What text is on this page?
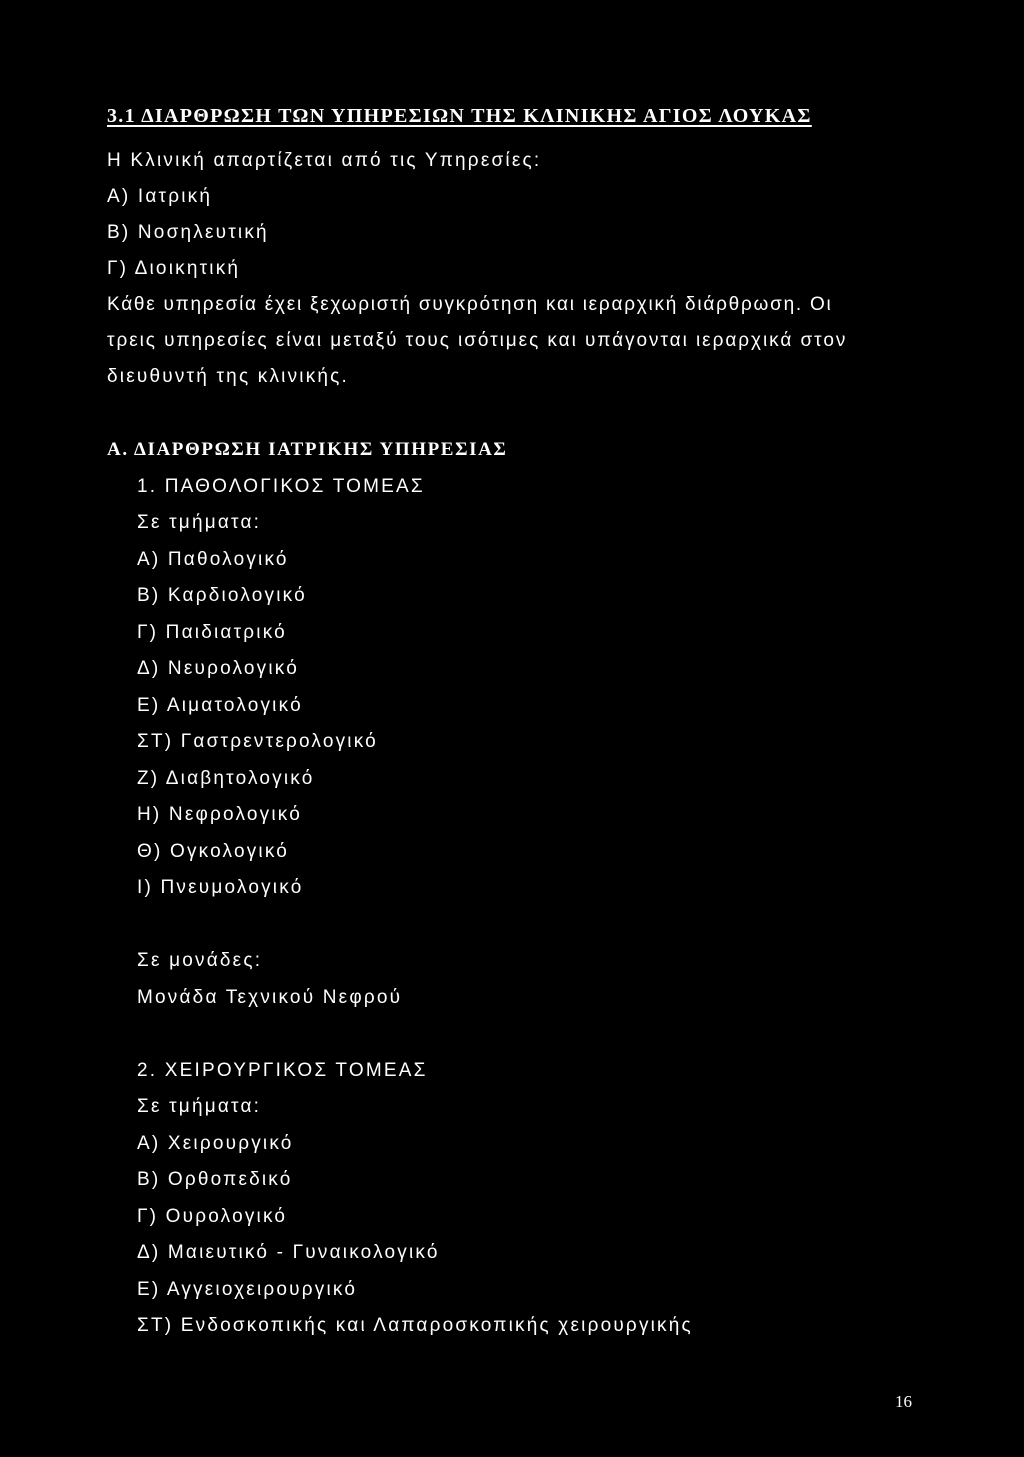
3.1 ΔΙΑΡΘΡΩΣΗ ΤΩΝ ΥΠΗΡΕΣΙΩΝ ΤΗΣ ΚΛΙΝΙΚΗΣ ΑΓΙΟΣ ΛΟΥΚΑΣ
Η Κλινική απαρτίζεται από τις Υπηρεσίες:
Α) Ιατρική
Β) Νοσηλευτική
Γ) Διοικητική
Κάθε υπηρεσία έχει ξεχωριστή συγκρότηση και ιεραρχική διάρθρωση. Οι
τρεις υπηρεσίες είναι μεταξύ τους ισότιμες και υπάγονται ιεραρχικά στον
διευθυντή της κλινικής.
Α. ΔΙΑΡΘΡΩΣΗ ΙΑΤΡΙΚΗΣ ΥΠΗΡΕΣΙΑΣ
1. ΠΑΘΟΛΟΓΙΚΟΣ ΤΟΜΕΑΣ
Σε τμήματα:
Α) Παθολογικό
Β) Καρδιολογικό
Γ) Παιδιατρικό
Δ) Νευρολογικό
Ε) Αιματολογικό
ΣΤ) Γαστρεντερολογικό
Ζ) Διαβητολογικό
Η) Νεφρολογικό
Θ) Ογκολογικό
Ι) Πνευμολογικό
Σε μονάδες:
Μονάδα Τεχνικού Νεφρού
2. ΧΕΙΡΟΥΡΓΙΚΟΣ ΤΟΜΕΑΣ
Σε τμήματα:
Α) Χειρουργικό
Β) Ορθοπεδικό
Γ) Ουρολογικό
Δ) Μαιευτικό - Γυναικολογικό
Ε) Αγγειοχειρουργικό
ΣΤ) Ενδοσκοπικής και Λαπαροσκοπικής χειρουργικής
16
